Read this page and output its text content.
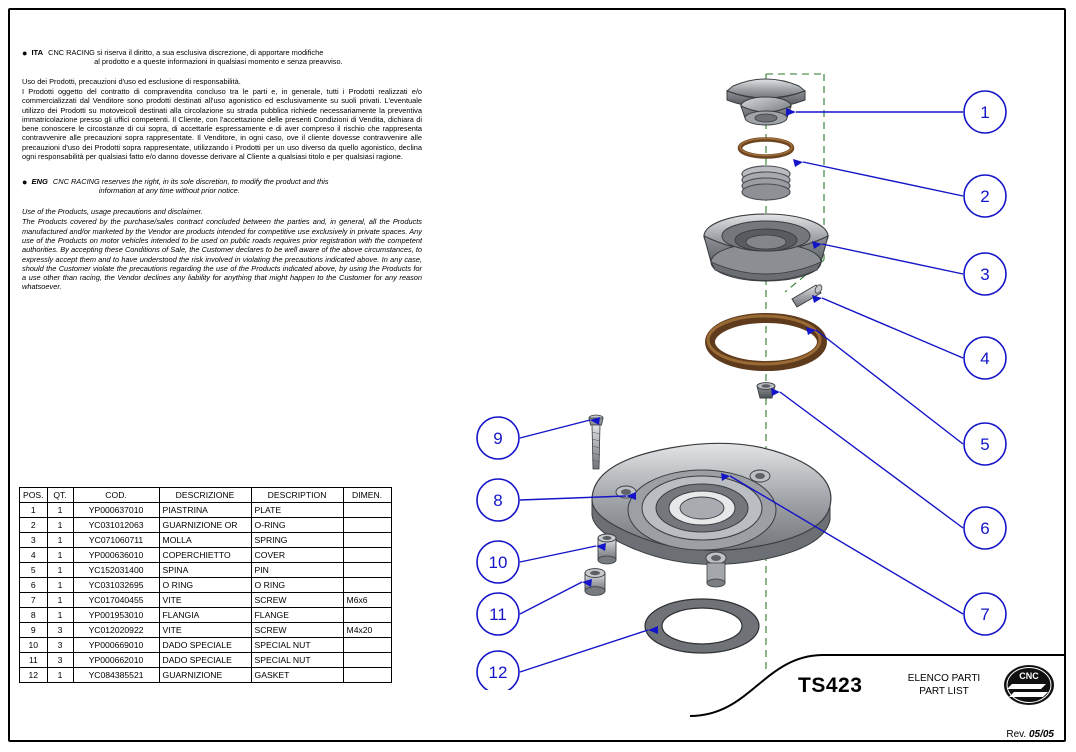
● ITA CNC RACING si riserva il diritto, a sua esclusiva discrezione, di apportare modifiche
al prodotto e a queste informazioni in qualsiasi momento e senza preavviso.
Uso dei Prodotti, precauzioni d'uso ed esclusione di responsabilità.
I Prodotti oggetto del contratto di compravendita concluso tra le parti e, in generale, tutti i Prodotti realizzati e/o commercializzati dal Venditore sono prodotti destinati all'uso agonistico ed esclusivamente su suoli privati. L'eventuale utilizzo dei Prodotti su motoveicoli destinati alla circolazione su strada pubblica richiede necessariamente la preventiva immatricolazione presso gli uffici competenti. Il Cliente, con l'accettazione delle presenti Condizioni di Vendita, dichiara di bene conoscere le circostanze di cui sopra, di accettarle espressamente e di aver compreso il rischio che rappresenta contravvenire alle precauzioni sopra rappresentate. Il Venditore, in ogni caso, ove il cliente dovesse contravvenire alle precauzioni d'uso dei Prodotti sopra rappresentate, utilizzando i Prodotti per un uso diverso da quello agonistico, declina ogni responsabilità per qualsiasi fatto e/o danno dovesse derivare al Cliente a qualsiasi titolo e per qualsiasi ragione.
● ENG CNC RACING reserves the right, in its sole discretion, to modify the product and this
information at any time without prior notice.
Use of the Products, usage precautions and disclaimer.
The Products covered by the purchase/sales contract concluded between the parties and, in general, all the Products manufactured and/or marketed by the Vendor are products intended for competitive use exclusively in private spaces. Any use of the Products on motor vehicles intended to be used on public roads requires prior registration with the competent authorities. By accepting these Conditions of Sale, the Customer declares to be well aware of the above circumstances, to expressly accept them and to have understood the risk involved in violating the precautions indicated above. In any case, should the Customer violate the precautions regarding the use of the Products indicated above, by using the Products for a use other than racing, the Vendor declines any liability for anything that might happen to the Customer for any reason whatsoever.
POS.	QT.	COD.	DESCRIZIONE	DESCRIPTION	DIMEN.
1	1	YP000637010	PIASTRINA	PLATE	
2	1	YC031012063	GUARNIZIONE OR	O-RING	
3	1	YC071060711	MOLLA	SPRING	
4	1	YP000636010	COPERCHIETTO	COVER	
5	1	YC152031400	SPINA	PIN	
6	1	YC031032695	O RING	O RING	
7	1	YC017040455	VITE	SCREW	M6x6
8	1	YP001953010	FLANGIA	FLANGE	
9	3	YC012020922	VITE	SCREW	M4x20
10	3	YP000669010	DADO SPECIALE	SPECIAL NUT	
11	3	YP000662010	DADO SPECIALE	SPECIAL NUT	
12	1	YC084385521	GUARNIZIONE	GASKET	
1
2
3
4
5
6
7
8
9
10
11
12
TS423	ELENCO PARTI
PART LIST
CNC
Rev. 05/05
